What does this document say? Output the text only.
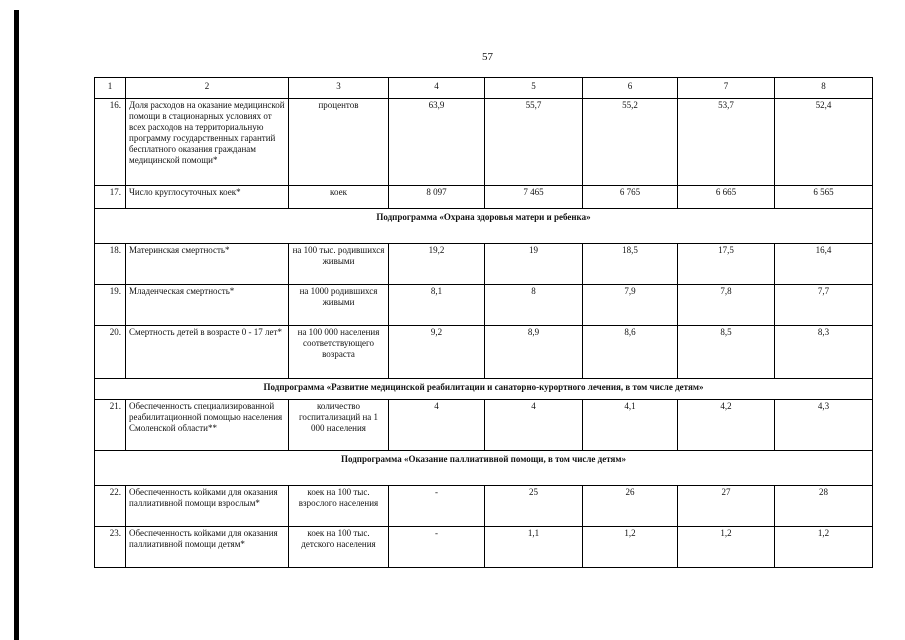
57
1	2	3	4	5	6	7	8
16.	Доля расходов на оказание медицинской помощи в стационарных условиях от всех расходов на территориальную программу государственных гарантий бесплатного оказания гражданам медицинской помощи*	процентов	63,9	55,7	55,2	53,7	52,4
17.	Число круглосуточных коек*	коек	8 097	7 465	6 765	6 665	6 565
Подпрограмма «Охрана здоровья матери и ребенка»							
18.	Материнская смертность*	на 100 тыс. родившихся живыми	19,2	19	18,5	17,5	16,4
19.	Младенческая смертность*	на 1000 родившихся живыми	8,1	8	7,9	7,8	7,7
20.	Смертность детей в возрасте 0 - 17 лет*	на 100 000 населения соответствующего возраста	9,2	8,9	8,6	8,5	8,3
Подпрограмма «Развитие медицинской реабилитации и санаторно-курортного лечения, в том числе детям»							
21.	Обеспеченность специализированной реабилитационной помощью населения Смоленской области**	количество госпитализаций на 1 000 населения	4	4	4,1	4,2	4,3
Подпрограмма «Оказание паллиативной помощи, в том числе детям»							
22.	Обеспеченность койками для оказания паллиативной помощи взрослым*	коек на 100 тыс. взрослого населения	-	25	26	27	28
23.	Обеспеченность койками для оказания паллиативной помощи детям*	коек на 100 тыс. детского населения	-	1,1	1,2	1,2	1,2
